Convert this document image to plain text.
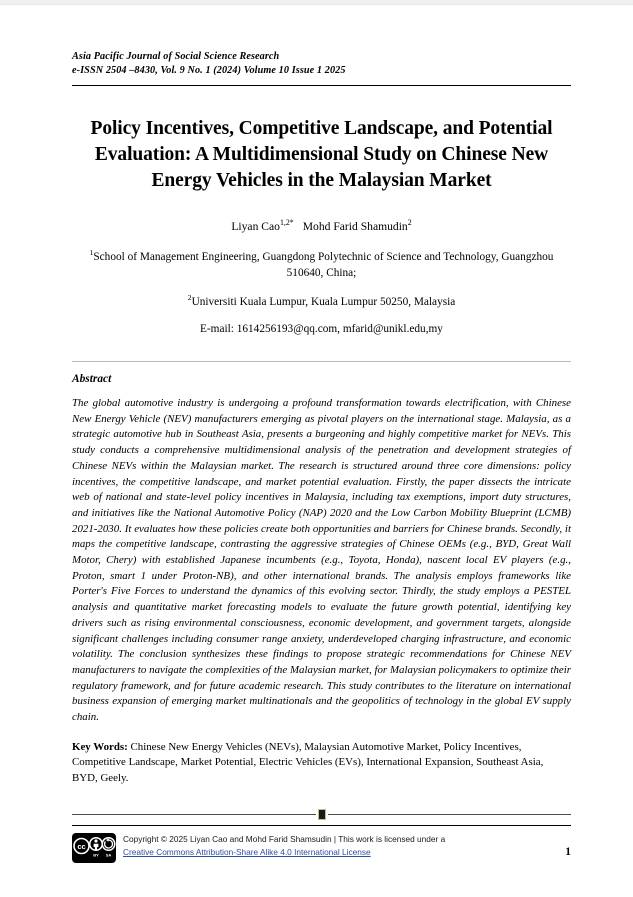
Asia Pacific Journal of Social Science Research
e-ISSN 2504 –8430, Vol. 9 No. 1 (2024) Volume 10 Issue 1 2025
Policy Incentives, Competitive Landscape, and Potential Evaluation: A Multidimensional Study on Chinese New Energy Vehicles in the Malaysian Market
Liyan Cao$^{1,2*}$ Mohd Farid Shamudin$^2$
$^1$School of Management Engineering, Guangdong Polytechnic of Science and Technology, Guangzhou 510640, China;
$^2$Universiti Kuala Lumpur, Kuala Lumpur 50250, Malaysia
E-mail: 1614256193@qq.com, mfarid@unikl.edu,my
Abstract

The global automotive industry is undergoing a profound transformation towards electrification, with Chinese New Energy Vehicle (NEV) manufacturers emerging as pivotal players on the international stage. Malaysia, as a strategic automotive hub in Southeast Asia, presents a burgeoning and highly competitive market for NEVs. This study conducts a comprehensive multidimensional analysis of the penetration and development strategies of Chinese NEVs within the Malaysian market. The research is structured around three core dimensions: policy incentives, the competitive landscape, and market potential evaluation. Firstly, the paper dissects the intricate web of national and state-level policy incentives in Malaysia, including tax exemptions, import duty structures, and initiatives like the National Automotive Policy (NAP) 2020 and the Low Carbon Mobility Blueprint (LCMB) 2021-2030. It evaluates how these policies create both opportunities and barriers for Chinese brands. Secondly, it maps the competitive landscape, contrasting the aggressive strategies of Chinese OEMs (e.g., BYD, Great Wall Motor, Chery) with established Japanese incumbents (e.g., Toyota, Honda), nascent local EV players (e.g., Proton, smart 1 under Proton-NB), and other international brands. The analysis employs frameworks like Porter's Five Forces to understand the dynamics of this evolving sector. Thirdly, the study employs a PESTEL analysis and quantitative market forecasting models to evaluate the future growth potential, identifying key drivers such as rising environmental consciousness, economic development, and government targets, alongside significant challenges including consumer range anxiety, underdeveloped charging infrastructure, and economic volatility. The conclusion synthesizes these findings to propose strategic recommendations for Chinese NEV manufacturers to navigate the complexities of the Malaysian market, for Malaysian policymakers to optimize their regulatory framework, and for future academic research. This study contributes to the literature on international business expansion of emerging market multinationals and the geopolitics of technology in the global EV supply chain.

Key Words: Chinese New Energy Vehicles (NEVs), Malaysian Automotive Market, Policy Incentives, Competitive Landscape, Market Potential, Electric Vehicles (EVs), International Expansion, Southeast Asia, BYD, Geely.

cc
BY SA
Copyright © 2025 Liyan Cao and Mohd Farid Shamsudin | This work is licensed under a
Creative Commons Attribution-Share Alike 4.0 International License	1
